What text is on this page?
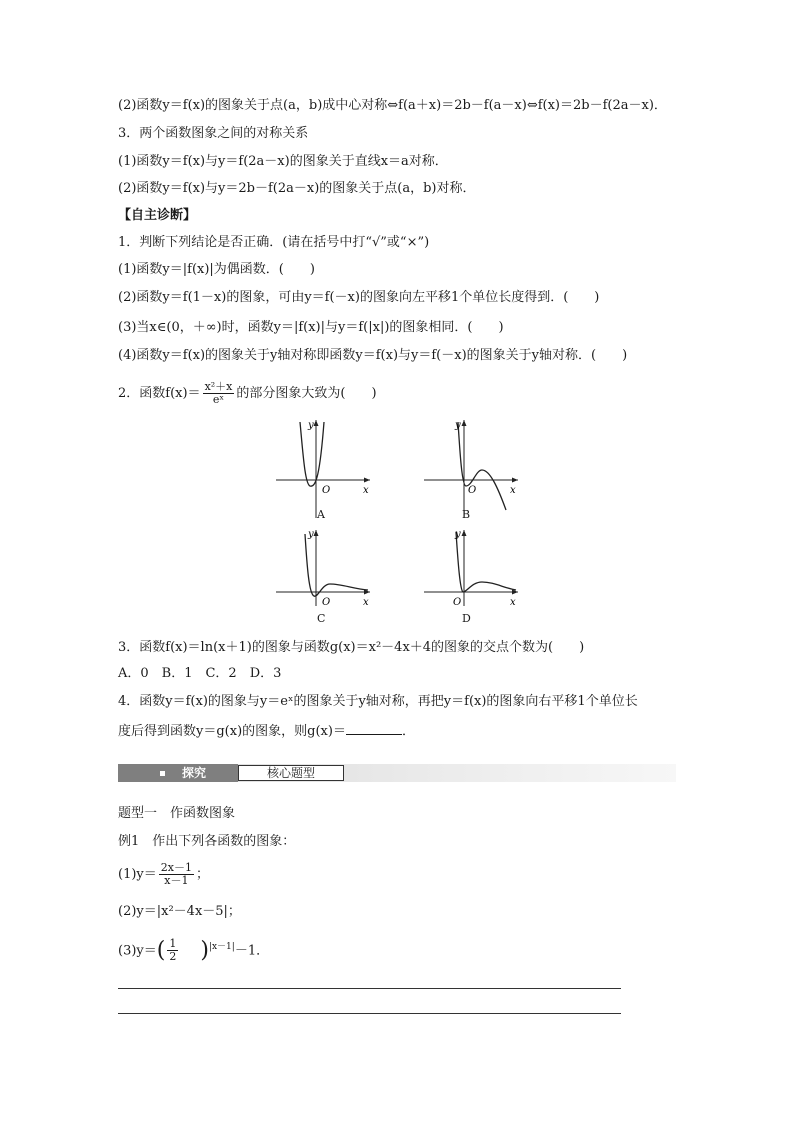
(2)函数y＝f(x)的图象关于点(a，b)成中心对称⇔f(a＋x)＝2b－f(a－x)⇔f(x)＝2b－f(2a－x)．
3．两个函数图象之间的对称关系
(1)函数y＝f(x)与y＝f(2a－x)的图象关于直线x＝a对称．
(2)函数y＝f(x)与y＝2b－f(2a－x)的图象关于点(a，b)对称．
【自主诊断】
1．判断下列结论是否正确．(请在括号中打“√”或“×”)
(1)函数y＝|f(x)|为偶函数．(　　)
(2)函数y＝f(1－x)的图象，可由y＝f(－x)的图象向左平移1个单位长度得到．(　　)
(3)当x∈(0，＋∞)时，函数y＝|f(x)|与y＝f(|x|)的图象相同．(　　)
(4)函数y＝f(x)的图象关于y轴对称即函数y＝f(x)与y＝f(－x)的图象关于y轴对称．(　　)
2．函数$f(x)= \frac{\text{x²＋x}}{\text{eˣ}}$ 的部分图象大致为(　　)
y
x
O
A
y
x
O
B
y
x
O
C
y
x
O
D
3．函数f(x)＝ln(x＋1)的图象与函数g(x)＝x²－4x＋4的图象的交点个数为(　　)
A．0　B．1　C．2　D．3
4．函数y＝f(x)的图象与y＝eˣ的图象关于y轴对称，再把y＝f(x)的图象向右平移1个单位长
度后得到函数y＝g(x)的图象，则g(x)＝	．
探究	核心题型
题型一　作函数图象
例1　作出下列各函数的图象：
$(1)y= \frac{2x-1}{x-1}$ ；
(2)y＝|x²－4x－5|；
$(3)y=( \frac{1}{2} )^{|x-1|}-1$．
